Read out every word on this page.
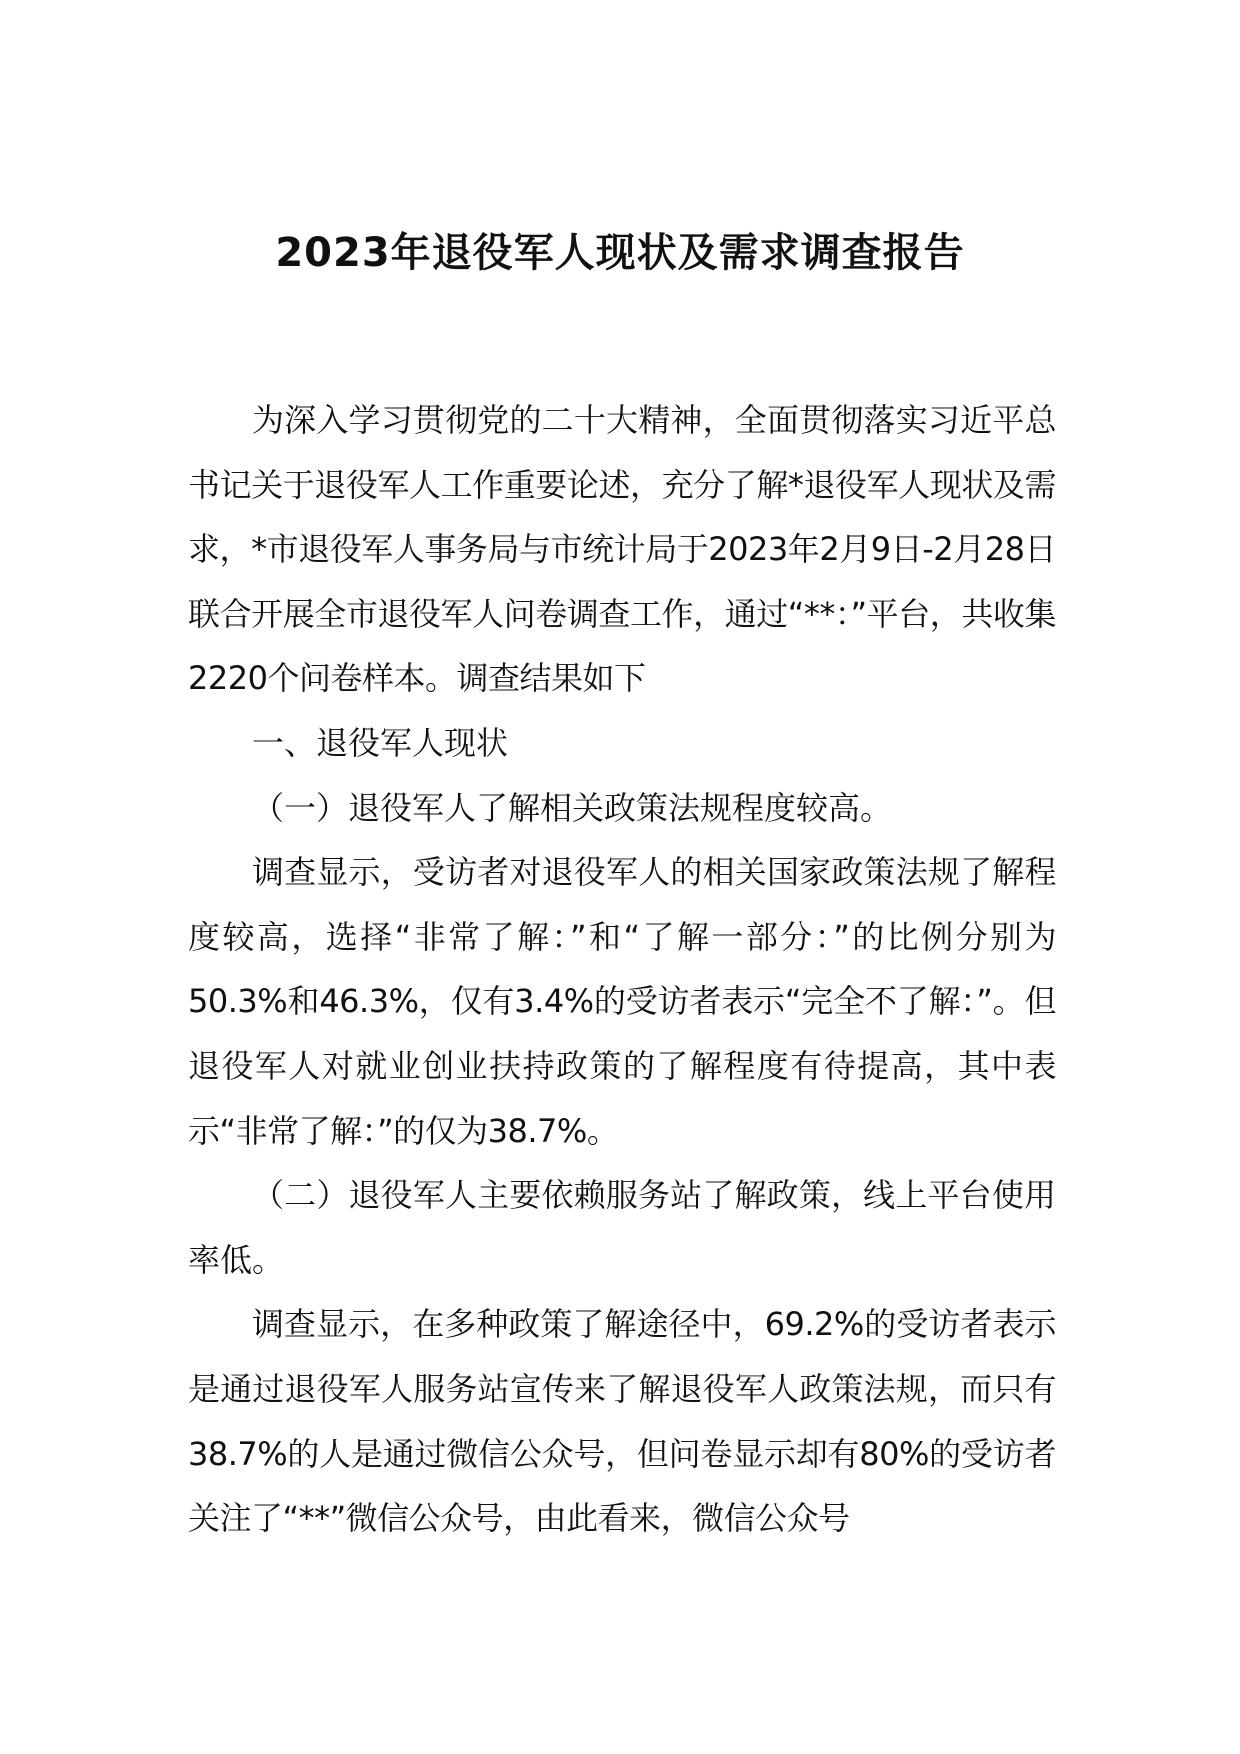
2023年退役军人现状及需求调查报告

为深入学习贯彻党的二十大精神，全面贯彻落实习近平总书记关于退役军人工作重要论述，充分了解*退役军人现状及需求，*市退役军人事务局与市统计局于2023年2月9日-2月28日联合开展全市退役军人问卷调查工作，通过“**：”平台，共收集2220个问卷样本。调查结果如下

一、退役军人现状

（一）退役军人了解相关政策法规程度较高。

调查显示，受访者对退役军人的相关国家政策法规了解程度较高，选择“非常了解：”和“了解一部分：”的比例分别为50.3%和46.3%，仅有3.4%的受访者表示“完全不了解：”。但退役军人对就业创业扶持政策的了解程度有待提高，其中表示“非常了解：”的仅为38.7%。

（二）退役军人主要依赖服务站了解政策，线上平台使用率低。

调查显示，在多种政策了解途径中，69.2%的受访者表示是通过退役军人服务站宣传来了解退役军人政策法规，而只有38.7%的人是通过微信公众号，但问卷显示却有80%的受访者关注了“**”微信公众号，由此看来，微信公众号
